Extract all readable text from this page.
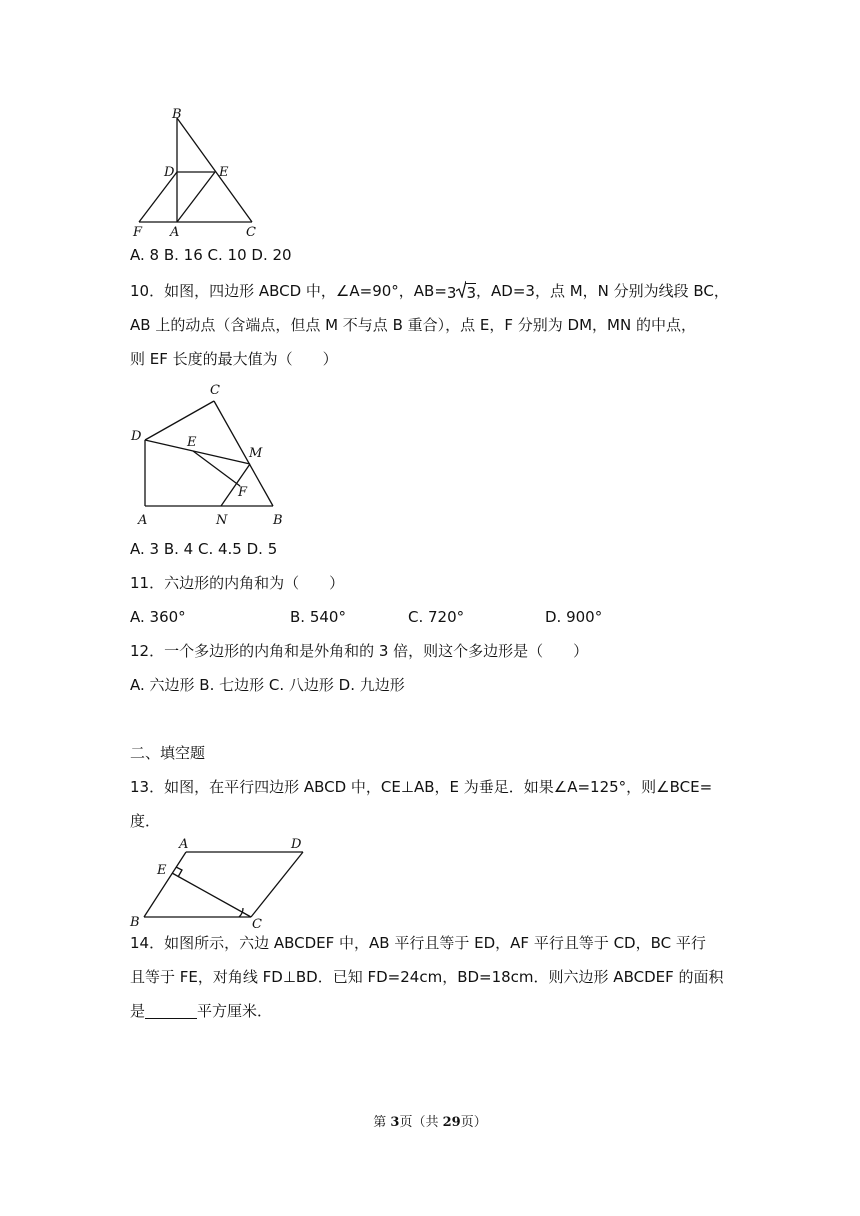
B
D	E
F A	C
A. 8 B. 16 C. 10 D. 20
10．如图，四边形 ABCD 中，∠A=90°，AB=3 3，AD=3，点 M，N 分别为线段 BC，
AB 上的动点（含端点，但点 M 不与点 B 重合），点 E，F 分别为 DM，MN 的中点，
则 EF 长度的最大值为（　　）
C
D	E
M
F
A	N	B
A. 3 B. 4 C. 4.5 D. 5
11．六边形的内角和为（　　）
A. 360°	B. 540°	C. 720°	D. 900°
12．一个多边形的内角和是外角和的 3 倍，则这个多边形是（　　）
A. 六边形 B. 七边形 C. 八边形 D. 九边形
二、填空题
13．如图，在平行四边形 ABCD 中，CE⊥AB，E 为垂足．如果∠A=125°，则∠BCE=
度．
A	D
E
B	C
14．如图所示，六边 ABCDEF 中，AB 平行且等于 ED，AF 平行且等于 CD，BC 平行
且等于 FE，对角线 FD⊥BD．已知 FD=24cm，BD=18cm．则六边形 ABCDEF 的面积
是	平方厘米．
第 3页（共 29页）
